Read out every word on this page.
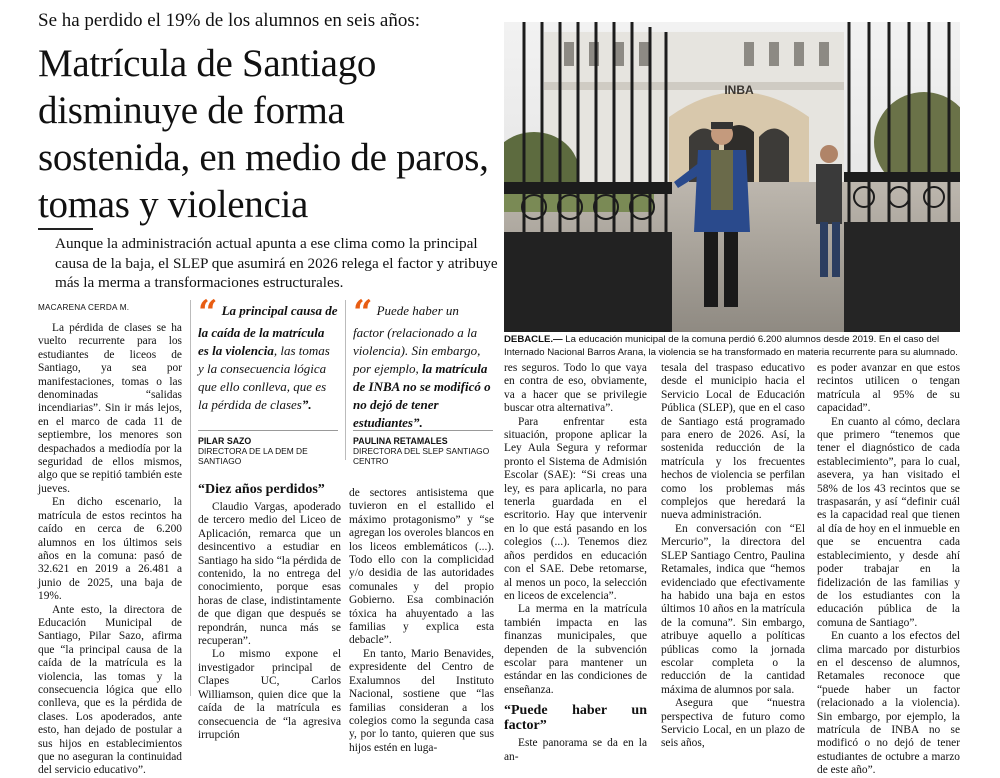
Se ha perdido el 19% de los alumnos en seis años:
Matrícula de Santiago disminuye de forma sostenida, en medio de paros, tomas y violencia
Aunque la administración actual apunta a ese clima como la principal causa de la baja, el SLEP que asumirá en 2026 relega el factor y atribuye más la merma a transformaciones estructurales.
INBA
DEBACLE.— La educación municipal de la comuna perdió 6.200 alumnos desde 2019. En el caso del Internado Nacional Barros Arana, la violencia se ha transformado en materia recurrente para su alumnado.
MACARENA CERDA M.

La pérdida de clases se ha vuelto recurrente para los estudiantes de liceos de Santiago, ya sea por manifestaciones, tomas o las denominadas “salidas incendiarias”. Sin ir más lejos, en el marco de cada 11 de septiembre, los menores son despachados a mediodía por la seguridad de ellos mismos, algo que se repitió también este jueves.

En dicho escenario, la matrícula de estos recintos ha caído en cerca de 6.200 alumnos en los últimos seis años en la comuna: pasó de 32.621 en 2019 a 26.481 a junio de 2025, una baja de 19%.

Ante esto, la directora de Educación Municipal de Santiago, Pilar Sazo, afirma que “la principal causa de la caída de la matrícula es la violencia, las tomas y la consecuencia lógica que ello conlleva, que es la pérdida de clases. Los apoderados, ante esto, han dejado de postular a sus hijos en establecimientos que no aseguran la continuidad del servicio educativo”.

“ La principal causa de la caída de la matrícula es la violencia, las tomas y la consecuencia lógica que ello conlleva, que es la pérdida de clases”.
PILAR SAZO
DIRECTORA DE LA DEM DE SANTIAGO
“ Puede haber un factor (relacionado a la violencia). Sin embargo, por ejemplo, la matrícula de INBA no se modificó o no dejó de tener estudiantes”.
PAULINA RETAMALES
DIRECTORA DEL SLEP SANTIAGO CENTRO
“Diez años perdidos”

Claudio Vargas, apoderado de tercero medio del Liceo de Aplicación, remarca que un desincentivo a estudiar en Santiago ha sido “la pérdida de contenido, la no entrega del conocimiento, porque esas horas de clase, indistintamente de que digan que después se repondrán, nunca más se recuperan”.

Lo mismo expone el investigador principal de Clapes UC, Carlos Williamson, quien dice que la caída de la matrícula es consecuencia de “la agresiva irrupción

de sectores antisistema que tuvieron en el estallido el máximo protagonismo” y “se agregan los overoles blancos en los liceos emblemáticos (...). Todo ello con la complicidad y/o desidia de las autoridades comunales y del propio Gobierno. Esa combinación tóxica ha ahuyentado a las familias y explica esta debacle”.

En tanto, Mario Benavides, expresidente del Centro de Exalumnos del Instituto Nacional, sostiene que “las familias consideran a los colegios como la segunda casa y, por lo tanto, quieren que sus hijos estén en luga-

res seguros. Todo lo que vaya en contra de eso, obviamente, va a hacer que se privilegie buscar otra alternativa”.

Para enfrentar esta situación, propone aplicar la Ley Aula Segura y reformar pronto el Sistema de Admisión Escolar (SAE): “Si creas una ley, es para aplicarla, no para tenerla guardada en el escritorio. Hay que intervenir en lo que está pasando en los colegios (...). Tenemos diez años perdidos en educación con el SAE. Debe retomarse, al menos un poco, la selección en liceos de excelencia”.

La merma en la matrícula también impacta en las finanzas municipales, que dependen de la subvención escolar para mantener un estándar en las condiciones de enseñanza.

“Puede haber un factor”

Este panorama se da en la an-

tesala del traspaso educativo desde el municipio hacia el Servicio Local de Educación Pública (SLEP), que en el caso de Santiago está programado para enero de 2026. Así, la sostenida reducción de la matrícula y los frecuentes hechos de violencia se perfilan como los problemas más complejos que heredará la nueva administración.

En conversación con “El Mercurio”, la directora del SLEP Santiago Centro, Paulina Retamales, indica que “hemos evidenciado que efectivamente ha habido una baja en estos últimos 10 años en la matrícula de la comuna”. Sin embargo, atribuye aquello a políticas públicas como la jornada escolar completa o la reducción de la cantidad máxima de alumnos por sala.

Asegura que “nuestra perspectiva de futuro como Servicio Local, en un plazo de seis años,

es poder avanzar en que estos recintos utilicen o tengan matrícula al 95% de su capacidad”.

En cuanto al cómo, declara que primero “tenemos que tener el diagnóstico de cada establecimiento”, para lo cual, asevera, ya han visitado el 58% de los 43 recintos que se traspasarán, y así “definir cuál es la capacidad real que tienen al día de hoy en el inmueble en que se encuentra cada establecimiento, y desde ahí poder trabajar en la fidelización de las familias y de los estudiantes con la educación pública de la comuna de Santiago”.

En cuanto a los efectos del clima marcado por disturbios en el descenso de alumnos, Retamales reconoce que “puede haber un factor (relacionado a la violencia). Sin embargo, por ejemplo, la matrícula de INBA no se modificó o no dejó de tener estudiantes de octubre a marzo de este año”.
